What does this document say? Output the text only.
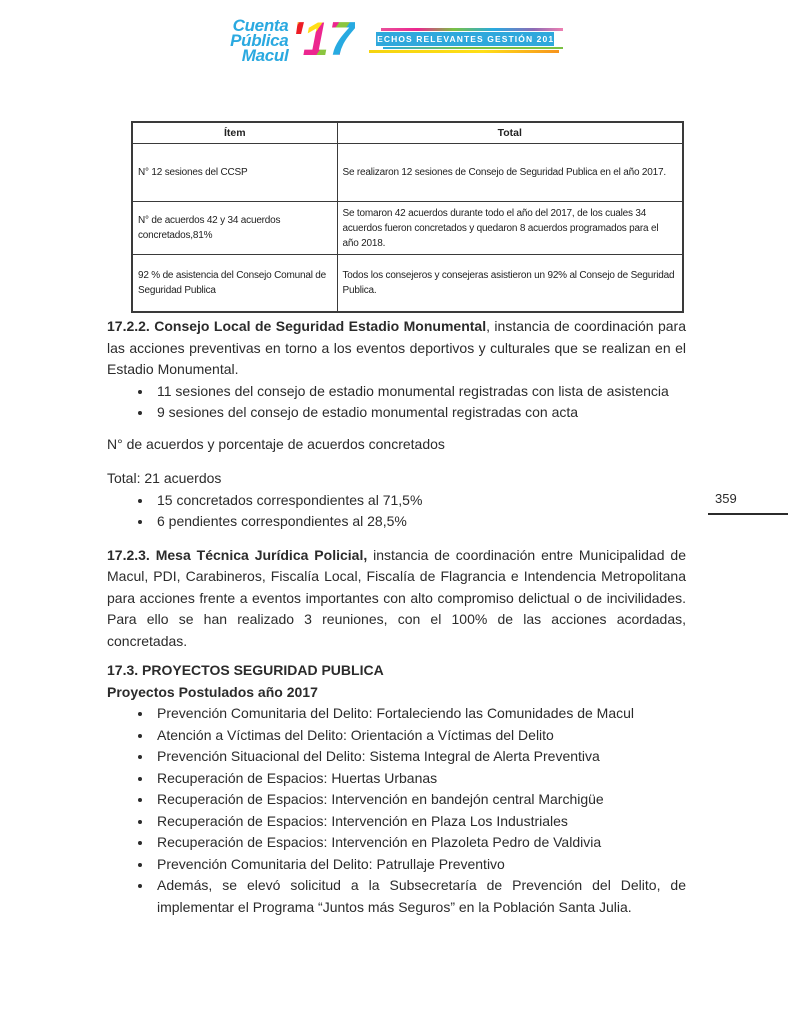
Cuenta
Pública
Macul '17 HECHOS RELEVANTES GESTIÓN 2017
Ítem	Total
N° 12 sesiones del CCSP	Se realizaron 12 sesiones de Consejo de Seguridad Publica en el año 2017.
N° de acuerdos 42 y 34 acuerdos concretados,81%	Se tomaron 42 acuerdos durante todo el año del 2017, de los cuales 34 acuerdos fueron concretados y quedaron 8 acuerdos programados para el año 2018.
92 % de asistencia del Consejo Comunal de Seguridad Publica	Todos los consejeros y consejeras asistieron un 92% al Consejo de Seguridad Publica.

17.2.2. Consejo Local de Seguridad Estadio Monumental, instancia de coordinación para las acciones preventivas en torno a los eventos deportivos y culturales que se realizan en el Estadio Monumental.

• 11 sesiones del consejo de estadio monumental registradas con lista de asistencia
• 9 sesiones del consejo de estadio monumental registradas con acta

N° de acuerdos y porcentaje de acuerdos concretados

Total: 21 acuerdos

• 15 concretados correspondientes al 71,5%
• 6 pendientes correspondientes al 28,5%

17.2.3. Mesa Técnica Jurídica Policial, instancia de coordinación entre Municipalidad de Macul, PDI, Carabineros, Fiscalía Local, Fiscalía de Flagrancia e Intendencia Metropolitana para acciones frente a eventos importantes con alto compromiso delictual o de incivilidades. Para ello se han realizado 3 reuniones, con el 100% de las acciones acordadas, concretadas.

17.3. PROYECTOS SEGURIDAD PUBLICA

Proyectos Postulados año 2017

• Prevención Comunitaria del Delito: Fortaleciendo las Comunidades de Macul
• Atención a Víctimas del Delito: Orientación a Víctimas del Delito
• Prevención Situacional del Delito: Sistema Integral de Alerta Preventiva
• Recuperación de Espacios: Huertas Urbanas
• Recuperación de Espacios: Intervención en bandejón central Marchigüe
• Recuperación de Espacios: Intervención en Plaza Los Industriales
• Recuperación de Espacios: Intervención en Plazoleta Pedro de Valdivia
• Prevención Comunitaria del Delito: Patrullaje Preventivo
• Además, se elevó solicitud a la Subsecretaría de Prevención del Delito, de implementar el Programa “Juntos más Seguros” en la Población Santa Julia.
359
